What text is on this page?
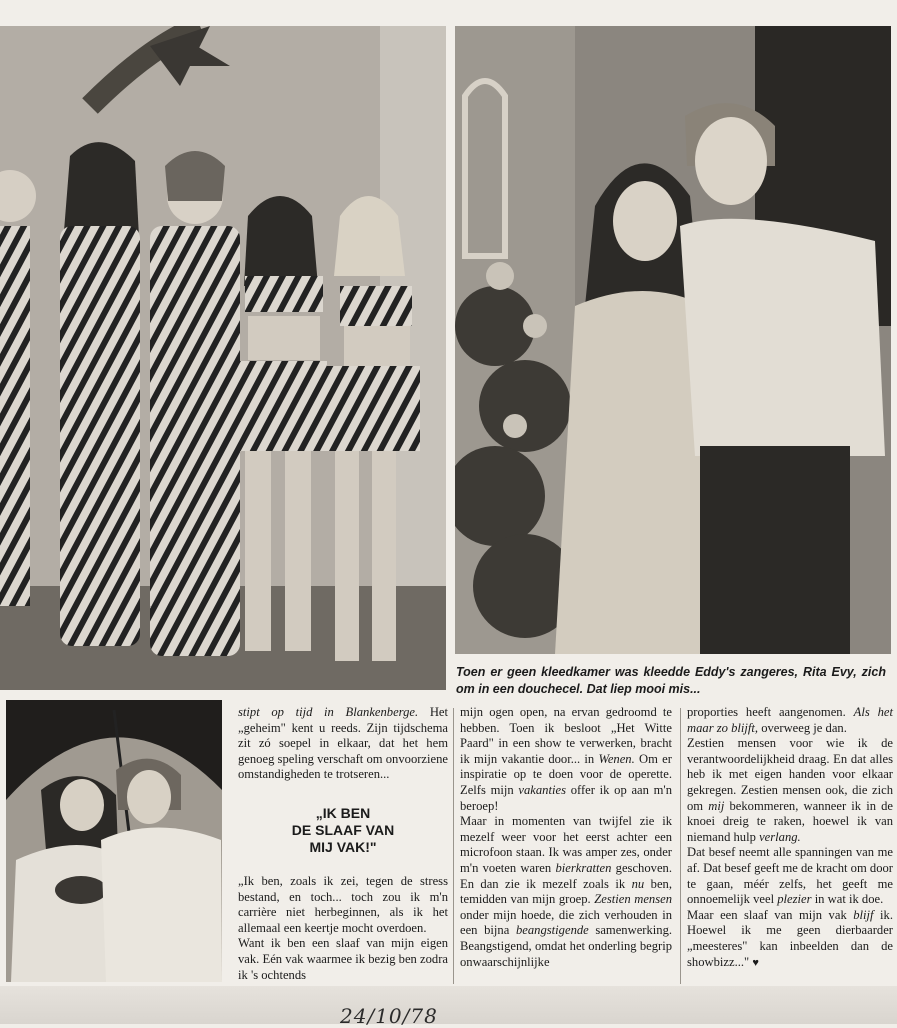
Toen er geen kleedkamer was kleedde Eddy's zangeres, Rita Evy, zich om in een douchecel. Dat liep mooi mis...

stipt op tijd in Blankenberge. Het „geheim" kent u reeds. Zijn tijdschema zit zó soepel in elkaar, dat het hem genoeg speling verschaft om onvoorziene omstandigheden te trotseren...

„IK BEN
DE SLAAF VAN
MIJ VAK!"

„Ik ben, zoals ik zei, tegen de stress bestand, en toch... toch zou ik m'n carrière niet herbeginnen, als ik het allemaal een keertje mocht overdoen.

Want ik ben een slaaf van mijn eigen vak. Eén vak waarmee ik bezig ben zodra ik 's ochtends

mijn ogen open, na ervan gedroomd te hebben. Toen ik besloot „Het Witte Paard" in een show te verwerken, bracht ik mijn vakantie door... in Wenen. Om er inspiratie op te doen voor de operette. Zelfs mijn vakanties offer ik op aan m'n beroep!

Maar in momenten van twijfel zie ik mezelf weer voor het eerst achter een microfoon staan. Ik was amper zes, onder m'n voeten waren bierkratten geschoven. En dan zie ik mezelf zoals ik nu ben, temidden van mijn groep. Zestien mensen onder mijn hoede, die zich verhouden in een bijna beangstigende samenwerking. Beangstigend, omdat het onderling begrip onwaarschijnlijke

proporties heeft aangenomen. Als het maar zo blijft, overweeg je dan.

Zestien mensen voor wie ik de verantwoordelijkheid draag. En dat alles heb ik met eigen handen voor elkaar gekregen. Zestien mensen ook, die zich om mij bekommeren, wanneer ik in de knoei dreig te raken, hoewel ik van niemand hulp verlang.

Dat besef neemt alle spanningen van me af. Dat besef geeft me de kracht om door te gaan, méér zelfs, het geeft me onnoemelijk veel plezier in wat ik doe.

Maar een slaaf van mijn vak blijf ik. Hoewel ik me geen dierbaarder „meesteres" kan inbeelden dan de showbizz..." ♥

24/10/78
